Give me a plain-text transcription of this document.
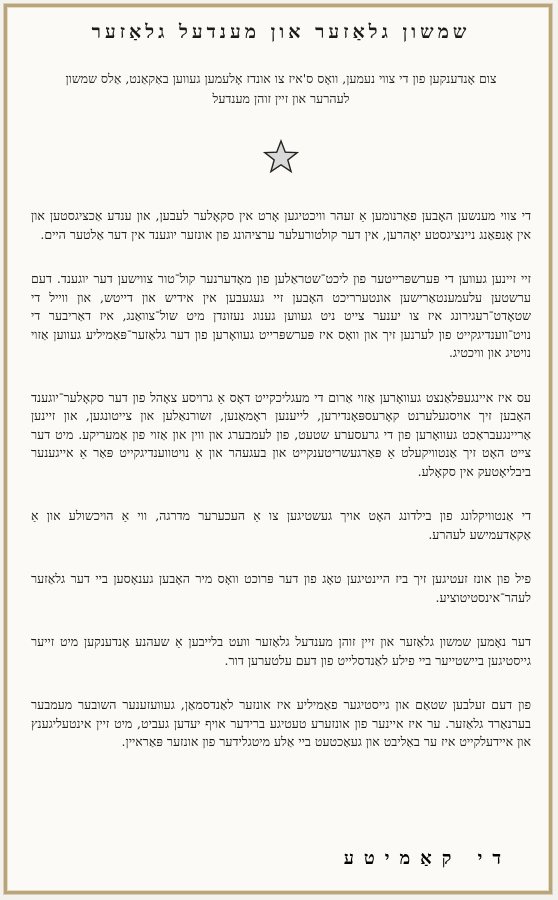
שמשון גלאַזער און מענדעל גלאַזער
צום אָנדענקען פון די צווי נעמען, וואָס ס'איז צו אונדז אָלעמען געווען באַקאַנט, אַלס שמשון לעהרער און זיין זוהן מענדעל

די צווי מענשען האָבען פאַרנומען אַ זעהר וויכטיגען אָרט אין סקאָלער לעבען, און ענדע אַכציגסטען און אין אָנפאַנג ניינציגסטע יאָהרען, אין דער קולטורעלער ערציהונג פון אונזער יוגענד אין דער אַלטער היים.

זיי זיינען געווען די פּערשפּרייטער פון ליכט־שטראַלען פון מאָדערנער קול־טור צווישען דער יוגענד. דעם ערשטען עלעמענטאַרישען אונטערריכט האָבען זיי געגעבען אין אידיש און דייטש, און ווייל די שטאָדט־רעגירונג איז צו יענער צייט ניט געווען גענוג נעזונדן מיט שול־צוואַנג, איז דאַריבער די נויט־ווענדיגקייט פון לערנען זיך און וואָס איז פּערשפּרייט געוואָרען פון דער גלאַזער־פּאַמיליע געווען אַזוי נויטיג און וויכטיג.

עס איז איינגעפּלאַנצט געוואָרען אַזוי אַרום די מעגליכקייט דאָס אַ גרויסע צאָהל פון דער סקאָלער־יוגענד האָבען זיך אויסגעלערנט קאָרעספּאָנדירען, לייענען ראָמאַנען, זשורנאַלען און צייטונגען, און זיינען אַריינגעבראַכט געוואָרען פון די גרעסערע שטעט, פון לעמבערג און ווין און אַזוי פון אַמעריקע. מיט דער צייט האָט זיך אַנטוויקעלט אַ פּאַרגעשריטענקייט און בעגעהר און אַ נויטווענדיגקייט פּאַר אַ אייגענער ביבליאָטעק אין סקאָלע.

די אַנטוויקלונג פון בילדונג האָט אויך געשטיגען צו אַ העכערער מדרגה, ווי אַ הויכשולע און אַ אַקאַדעמישע לעהרע.

פיל פון אונז זעטיגען זיך ביז היינטיגען טאָג פון דער פּרוכט וואָס מיר האָבען גענאָסען ביי דער גלאַזער לעהר־אינסטיטוציע.

דער נאָמען שמשון גלאַזער און זיין זוהן מענדעל גלאַזער וועט בלייבען אַ שעהנע אָנדענקען מיט זייער גייסטיגען ביישטייער ביי פילע לאַנדסלייט פון דעם עלטערען דור.

פון דעם זעלבען שטאַם און גייסטיגער פאַמיליע איז אונזער לאַנדסמאַן, געוועזענער השובער מעמבער בערנאַרד גלאַזער. ער איז איינער פון אונזערע טעטיגע ברידער אויף יעדען געביט, מיט זיין אינטעליגענץ און איידעלקייט איז ער באַליבט און געאַכטעט ביי אַלע מיטגלידער פון אונזער פּאַראיין.

די קאַמיטע
